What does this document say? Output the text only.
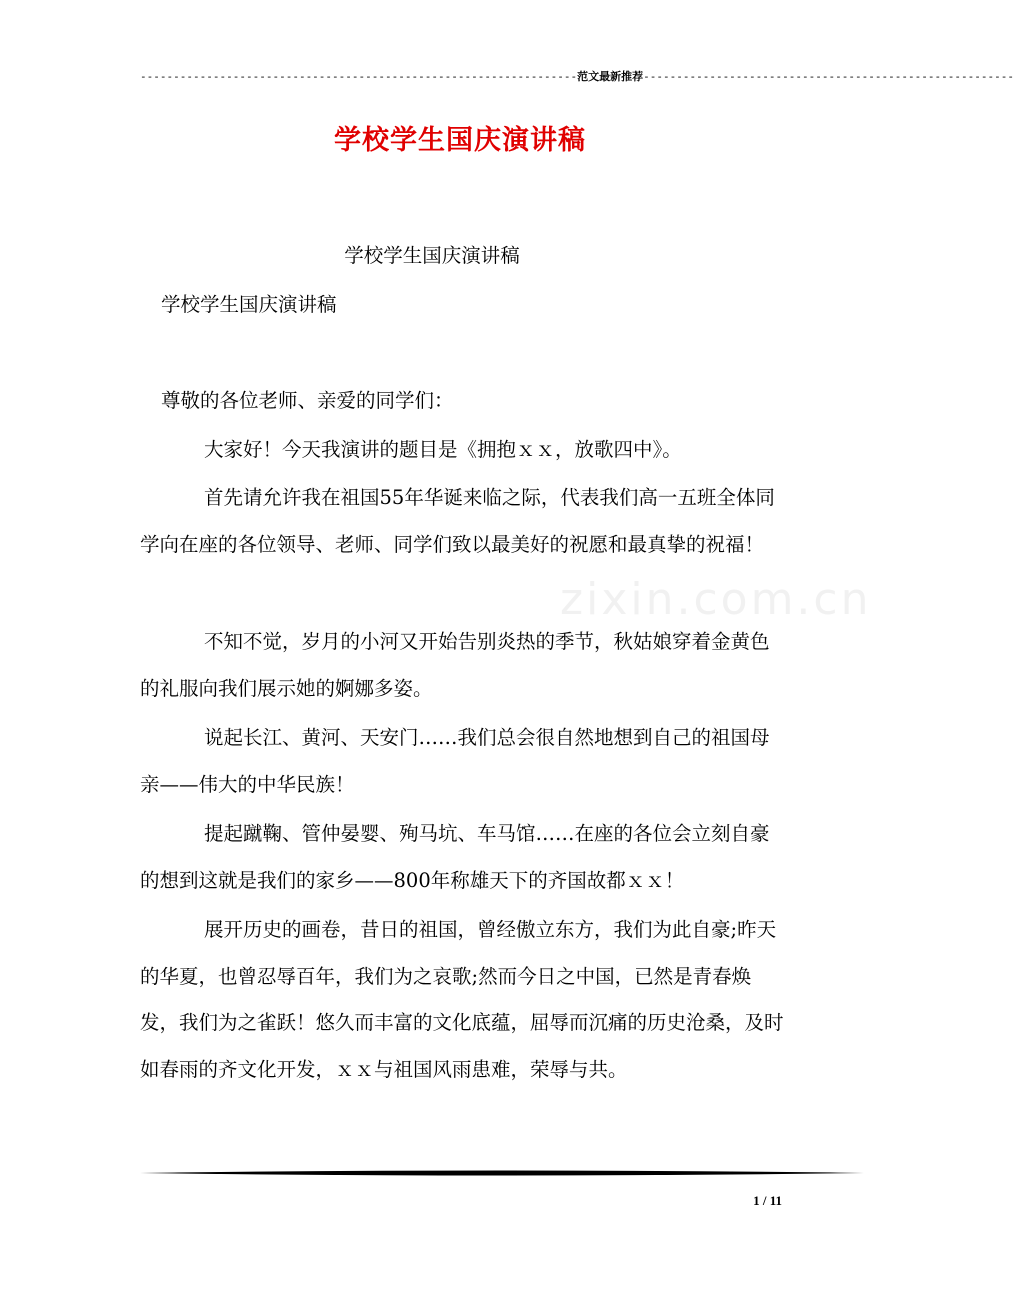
------------------------------------------------------------------范文最新推荐--------------------------------------------------------
学校学生国庆演讲稿
zixin.com.cn
学校学生国庆演讲稿
学校学生国庆演讲稿
尊敬的各位老师、亲爱的同学们：
大家好！今天我演讲的题目是《拥抱ｘｘ，放歌四中》。
首先请允许我在祖国55年华诞来临之际，代表我们高一五班全体同学向在座的各位领导、老师、同学们致以最美好的祝愿和最真挚的祝福！
不知不觉，岁月的小河又开始告别炎热的季节，秋姑娘穿着金黄色的礼服向我们展示她的婀娜多姿。
说起长江、黄河、天安门……我们总会很自然地想到自己的祖国母亲——伟大的中华民族！
提起蹴鞠、管仲晏婴、殉马坑、车马馆……在座的各位会立刻自豪的想到这就是我们的家乡——800年称雄天下的齐国故都ｘｘ！
展开历史的画卷，昔日的祖国，曾经傲立东方，我们为此自豪;昨天的华夏，也曾忍辱百年，我们为之哀歌;然而今日之中国，已然是青春焕发，我们为之雀跃！悠久而丰富的文化底蕴，屈辱而沉痛的历史沧桑，及时如春雨的齐文化开发，ｘｘ与祖国风雨患难，荣辱与共。
1 / 11
